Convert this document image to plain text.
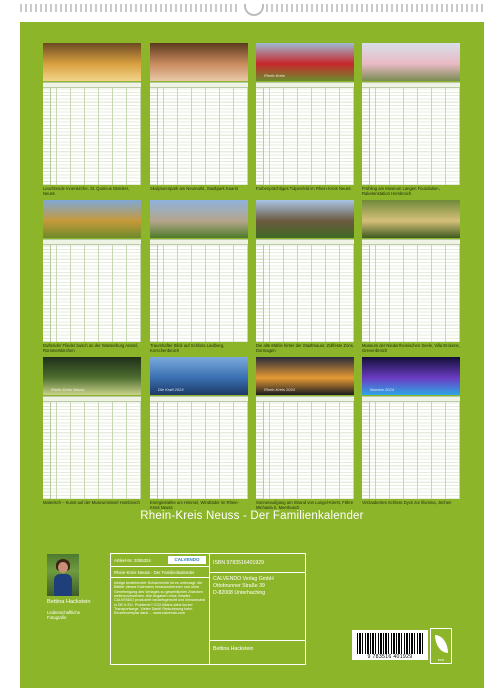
Leuchtende Innenkirche, St. Quirinus Münster, Neuss
Skulpturenpark am Neumarkt, Stadtpark Kaarst
Rhein-Kreis
Farbenprächtiges Tulpenfeld im Rhein-Kreis Neuss	Frühling am Museum Langen Foundation, Raketenstation Hombroich
Duftender Flieder busch an der Wasserburg Anstel, Rommerskirchen
Traumhafter Blick auf Schloss Liedberg, Korschenbroich
Die alte Mühle hinter der Stadtmauer, Zollfeste Zons, Dormagen
Museum der Niederrheinischen Seele, Villa Erckens, Grevenbroich
Rhein-Kreis Neuss
Malerisch – Kunst auf der Museumsinsel Hombroich
Die Kraft 2024
Energiestärke am Himmel, Windräder im Rhein-Kreis Neuss
Rhein-Kreis 2024
Sonnenaufgang am Strand von Langel-Kierst, Fähre Michaela II, Meerbusch
Illumina 2024
Verzaubertes Schloss Dyck zur Illumina, Jüchen
Rhein-Kreis Neuss - Der Familienkalender
Bettina Hackstein
Leidenschaftliche Fotografin
Artikel-Nr. 2055324	CALVENDO
Rhein-Kreis Neuss - Der Familienkalender
Infolge bestehender Schutzrechte ist es untersagt, die Blätter dieses Kalenders herauszutrennen und ohne Genehmigung des Verlages zu gewerblichen Zwecken weiterzuverwerten. Alle Angaben ohne Gewähr. CALVENDO produziert bedarfsgerecht und klimaneutral in DE & EU. Probleme? CO2-Bilanz dank kurzer Transportwege. Vielen Dank! Reduzierung beim Einzelexemplar dank ... www.calvendo.com
ISBN 9783516401929
CALVENDO Verlag GmbH
Ottobrunner Straße 39
D-82008 Unterhaching
Bettina Hackstein
9 783516 401929	eco
